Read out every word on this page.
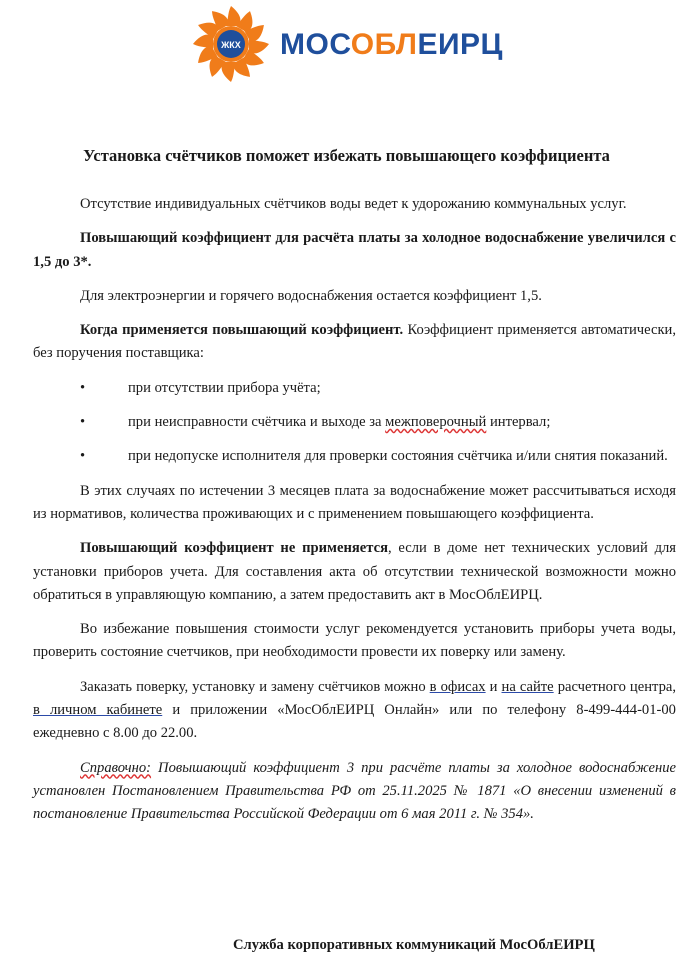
ЖКХ МОСОБЛЕИРЦ
Установка счётчиков поможет избежать повышающего коэффициента

Отсутствие индивидуальных счётчиков воды ведет к удорожанию коммунальных услуг.

Повышающий коэффициент для расчёта платы за холодное водоснабжение увеличился с 1,5 до 3*.

Для электроэнергии и горячего водоснабжения остается коэффициент 1,5.

Когда применяется повышающий коэффициент. Коэффициент применяется автоматически, без поручения поставщика:

•	при отсутствии прибора учёта;
•	при неисправности счётчика и выходе за межповерочный интервал;
•	при недопуске исполнителя для проверки состояния счётчика и/или снятия показаний.

В этих случаях по истечении 3 месяцев плата за водоснабжение может рассчитываться исходя из нормативов, количества проживающих и с применением повышающего коэффициента.

Повышающий коэффициент не применяется, если в доме нет технических условий для установки приборов учета. Для составления акта об отсутствии технической возможности можно обратиться в управляющую компанию, а затем предоставить акт в МосОблЕИРЦ.

Во избежание повышения стоимости услуг рекомендуется установить приборы учета воды, проверить состояние счетчиков, при необходимости провести их поверку или замену.

Заказать поверку, установку и замену счётчиков можно в офисах и на сайте расчетного центра, в личном кабинете и приложении «МосОблЕИРЦ Онлайн» или по телефону 8-499-444-01-00 ежедневно с 8.00 до 22.00.

Справочно: Повышающий коэффициент 3 при расчёте платы за холодное водоснабжение установлен Постановлением Правительства РФ от 25.11.2025 № 1871 «О внесении изменений в постановление Правительства Российской Федерации от 6 мая 2011 г. № 354».

Служба корпоративных коммуникаций МосОблЕИРЦ
